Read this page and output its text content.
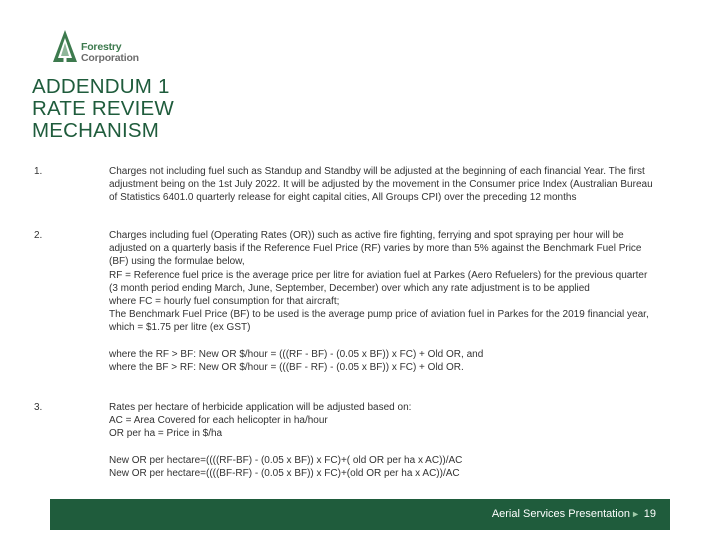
Forestry
Corporation
ADDENDUM 1
RATE REVIEW
MECHANISM
1.	Charges not including fuel such as Standup and Standby will be adjusted at the beginning of each financial Year. The first adjustment being on the 1st July 2022. It will be adjusted by the movement in the Consumer price Index (Australian Bureau of Statistics 6401.0 quarterly release for eight capital cities, All Groups CPI) over the preceding 12 months

2.	Charges including fuel (Operating Rates (OR)) such as active fire fighting, ferrying and spot spraying per hour will be adjusted on a quarterly basis if the Reference Fuel Price (RF) varies by more than 5% against the Benchmark Fuel Price (BF) using the formulae below,
RF = Reference fuel price is the average price per litre for aviation fuel at Parkes (Aero Refuelers) for the previous quarter (3 month period ending March, June, September, December) over which any rate adjustment is to be applied
where FC = hourly fuel consumption for that aircraft;
The Benchmark Fuel Price (BF) to be used is the average pump price of aviation fuel in Parkes for the 2019 financial year, which = $1.75 per litre (ex GST)

where the RF > BF: New OR $/hour = (((RF - BF) - (0.05 x BF)) x FC) + Old OR, and
where the BF > RF: New OR $/hour = (((BF - RF) - (0.05 x BF)) x FC) + Old OR.

3.	Rates per hectare of herbicide application will be adjusted based on:
AC = Area Covered for each helicopter in ha/hour
OR per ha = Price in $/ha

New OR per hectare=((((RF-BF) - (0.05 x BF)) x FC)+( old OR per ha x AC))/AC
New OR per hectare=((((BF-RF) - (0.05 x BF)) x FC)+(old OR per ha x AC))/AC

Aerial Services Presentation ► 19
